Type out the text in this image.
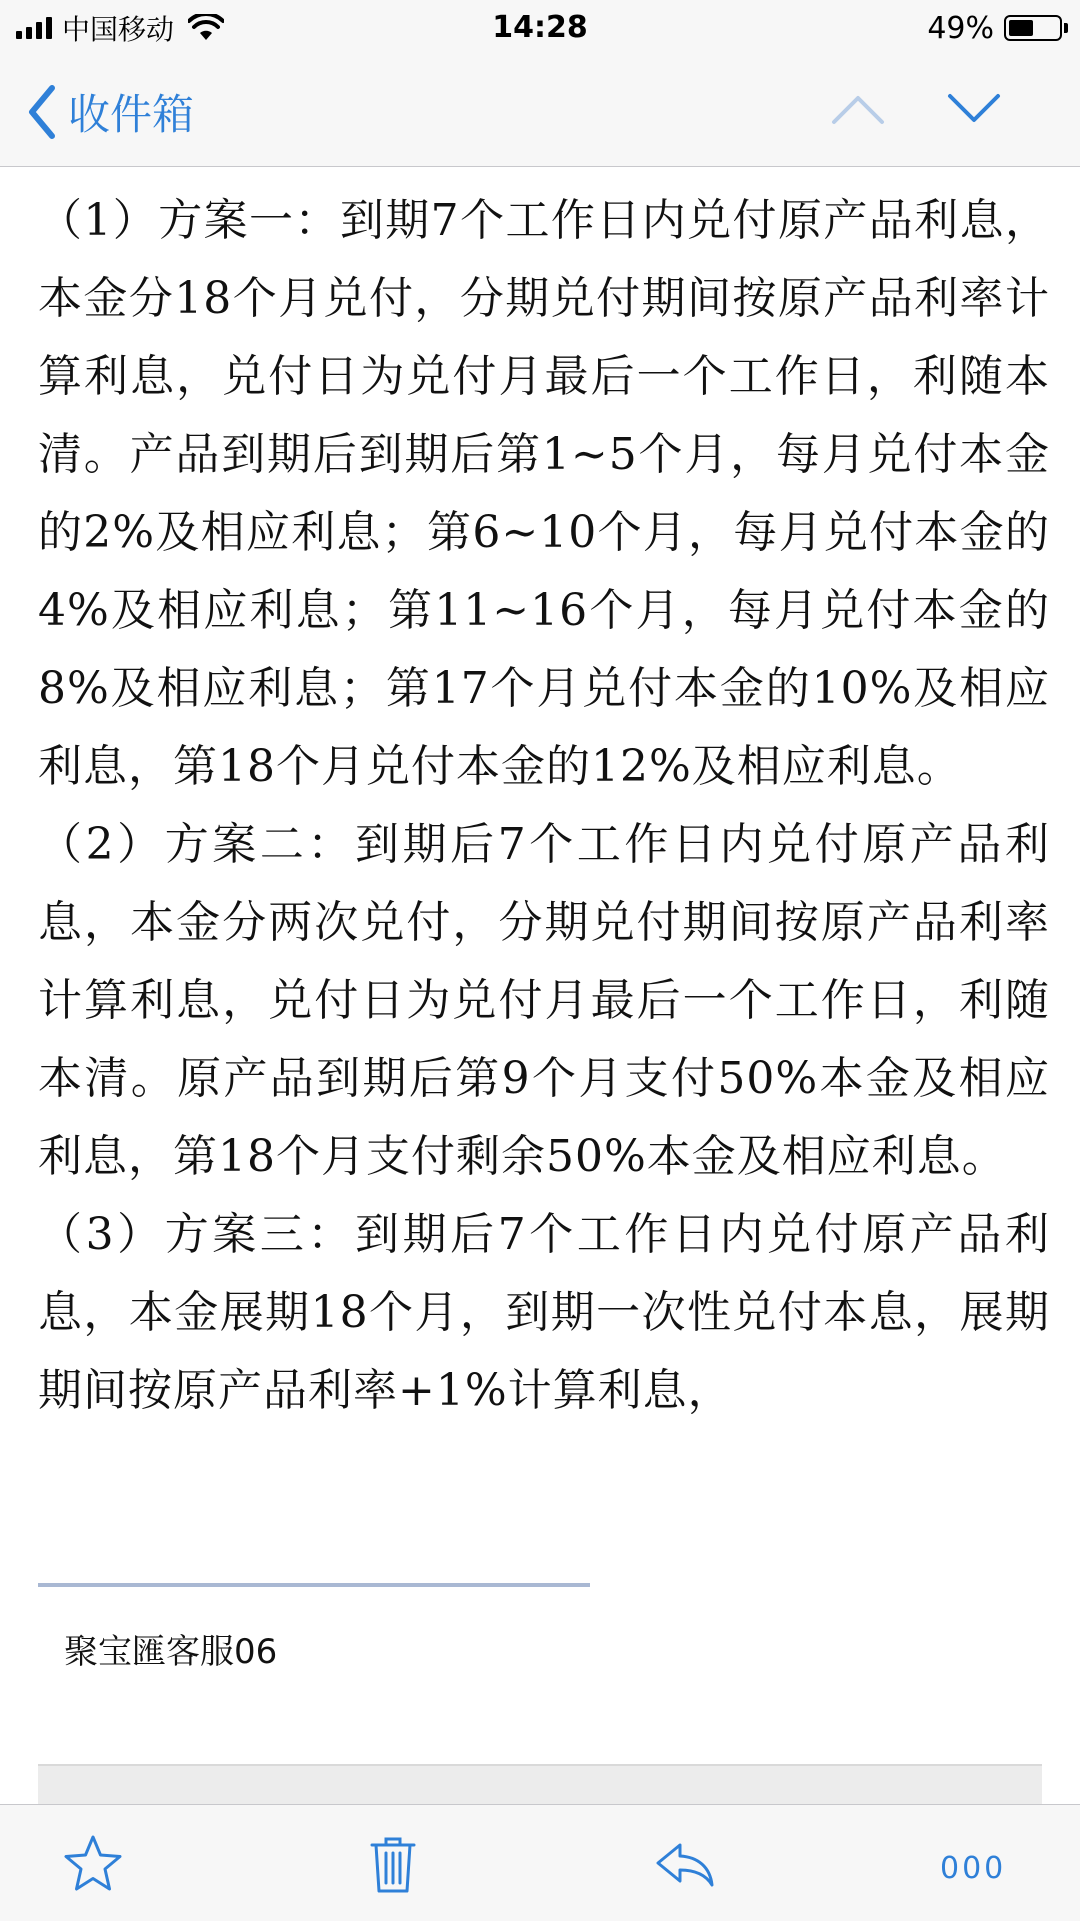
中国移动	14:28	49%
收件箱

（1）方案一：到期7个工作日内兑付原产品利息，本金分18个月兑付，分期兑付期间按原产品利率计算利息，兑付日为兑付月最后一个工作日，利随本清。产品到期后到期后第1~5个月，每月兑付本金的2%及相应利息；第6~10个月，每月兑付本金的4%及相应利息；第11~16个月，每月兑付本金的8%及相应利息；第17个月兑付本金的10%及相应利息，第18个月兑付本金的12%及相应利息。

（2）方案二：到期后7个工作日内兑付原产品利息，本金分两次兑付，分期兑付期间按原产品利率计算利息，兑付日为兑付月最后一个工作日，利随本清。原产品到期后第9个月支付50%本金及相应利息，第18个月支付剩余50%本金及相应利息。

（3）方案三：到期后7个工作日内兑付原产品利息，本金展期18个月，到期一次性兑付本息，展期期间按原产品利率+1%计算利息，

聚宝匯客服06
000
